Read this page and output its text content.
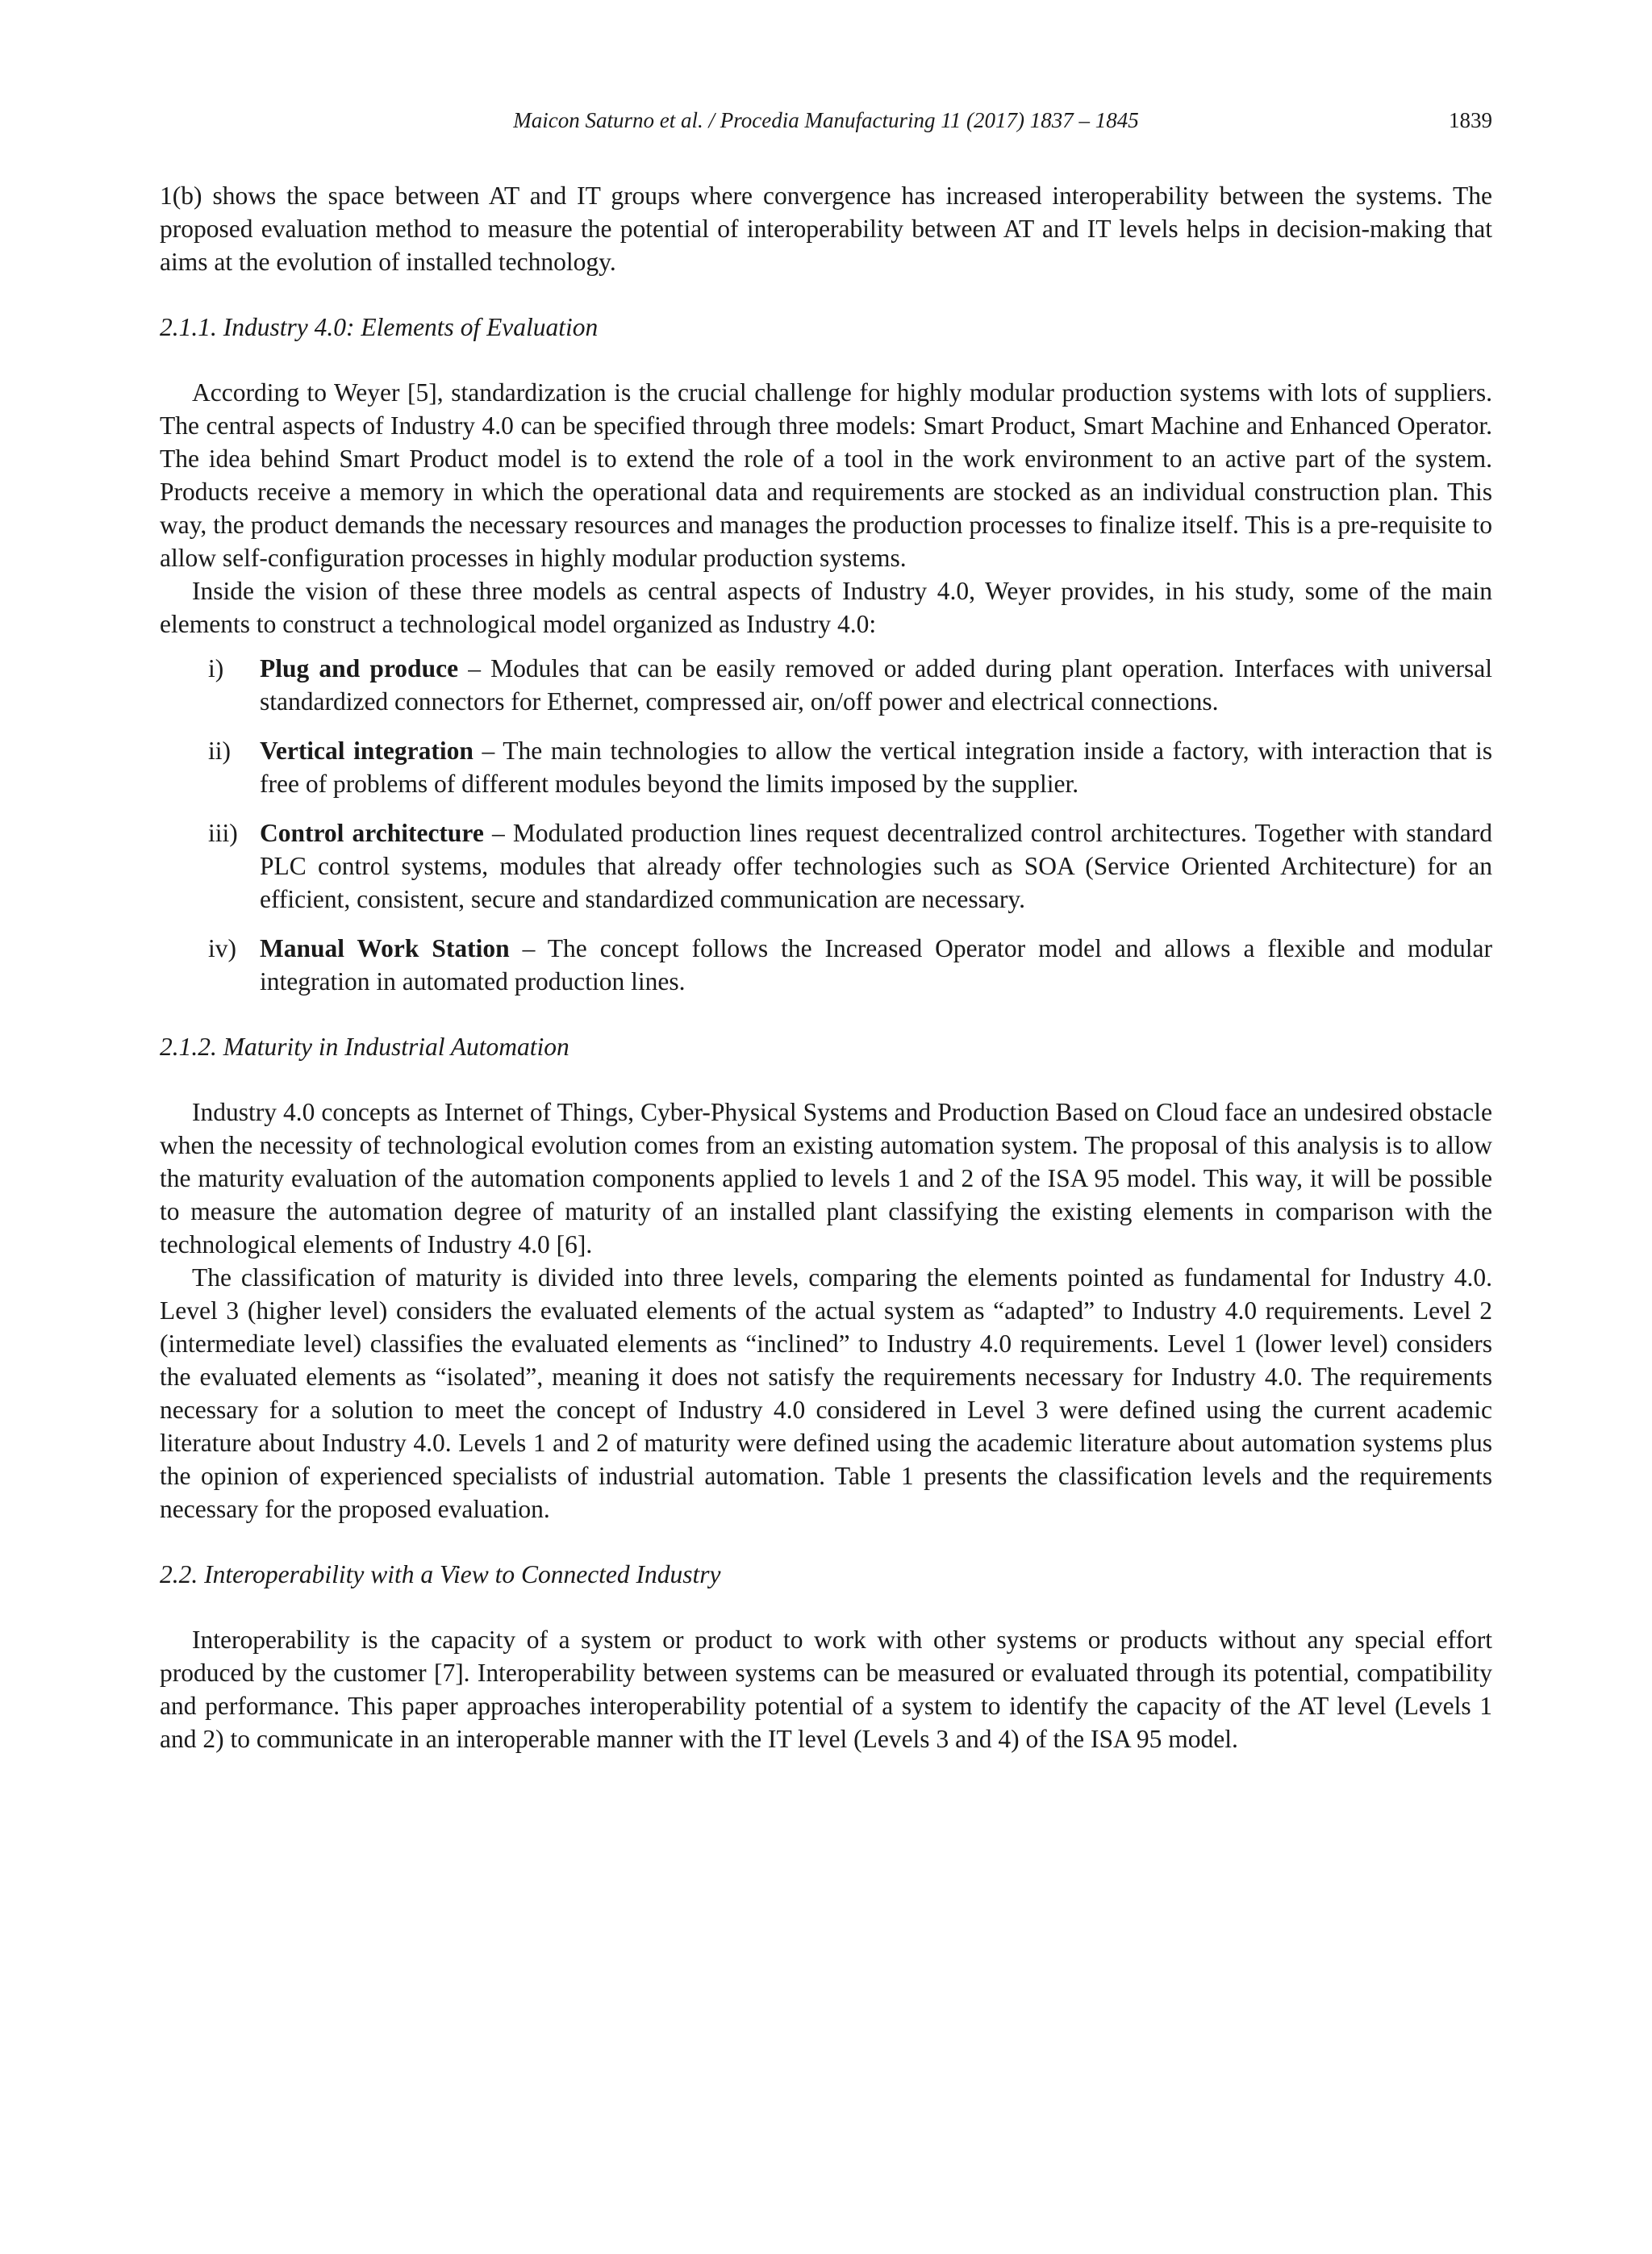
Maicon Saturno et al. / Procedia Manufacturing 11 (2017) 1837 – 1845	1839

1(b) shows the space between AT and IT groups where convergence has increased interoperability between the systems. The proposed evaluation method to measure the potential of interoperability between AT and IT levels helps in decision-making that aims at the evolution of installed technology.

2.1.1. Industry 4.0: Elements of Evaluation

According to Weyer [5], standardization is the crucial challenge for highly modular production systems with lots of suppliers. The central aspects of Industry 4.0 can be specified through three models: Smart Product, Smart Machine and Enhanced Operator. The idea behind Smart Product model is to extend the role of a tool in the work environment to an active part of the system. Products receive a memory in which the operational data and requirements are stocked as an individual construction plan. This way, the product demands the necessary resources and manages the production processes to finalize itself. This is a pre-requisite to allow self-configuration processes in highly modular production systems.

Inside the vision of these three models as central aspects of Industry 4.0, Weyer provides, in his study, some of the main elements to construct a technological model organized as Industry 4.0:

i)	Plug and produce – Modules that can be easily removed or added during plant operation. Interfaces with universal standardized connectors for Ethernet, compressed air, on/off power and electrical connections.
ii)	Vertical integration – The main technologies to allow the vertical integration inside a factory, with interaction that is free of problems of different modules beyond the limits imposed by the supplier.
iii) Control architecture – Modulated production lines request decentralized control architectures. Together with standard PLC control systems, modules that already offer technologies such as SOA (Service Oriented Architecture) for an efficient, consistent, secure and standardized communication are necessary.
iv) Manual Work Station – The concept follows the Increased Operator model and allows a flexible and modular integration in automated production lines.
2.1.2. Maturity in Industrial Automation

Industry 4.0 concepts as Internet of Things, Cyber-Physical Systems and Production Based on Cloud face an undesired obstacle when the necessity of technological evolution comes from an existing automation system. The proposal of this analysis is to allow the maturity evaluation of the automation components applied to levels 1 and 2 of the ISA 95 model. This way, it will be possible to measure the automation degree of maturity of an installed plant classifying the existing elements in comparison with the technological elements of Industry 4.0 [6].

The classification of maturity is divided into three levels, comparing the elements pointed as fundamental for Industry 4.0. Level 3 (higher level) considers the evaluated elements of the actual system as “adapted” to Industry 4.0 requirements. Level 2 (intermediate level) classifies the evaluated elements as “inclined” to Industry 4.0 requirements. Level 1 (lower level) considers the evaluated elements as “isolated”, meaning it does not satisfy the requirements necessary for Industry 4.0. The requirements necessary for a solution to meet the concept of Industry 4.0 considered in Level 3 were defined using the current academic literature about Industry 4.0. Levels 1 and 2 of maturity were defined using the academic literature about automation systems plus the opinion of experienced specialists of industrial automation. Table 1 presents the classification levels and the requirements necessary for the proposed evaluation.

2.2. Interoperability with a View to Connected Industry

Interoperability is the capacity of a system or product to work with other systems or products without any special effort produced by the customer [7]. Interoperability between systems can be measured or evaluated through its potential, compatibility and performance. This paper approaches interoperability potential of a system to identify the capacity of the AT level (Levels 1 and 2) to communicate in an interoperable manner with the IT level (Levels 3 and 4) of the ISA 95 model.
